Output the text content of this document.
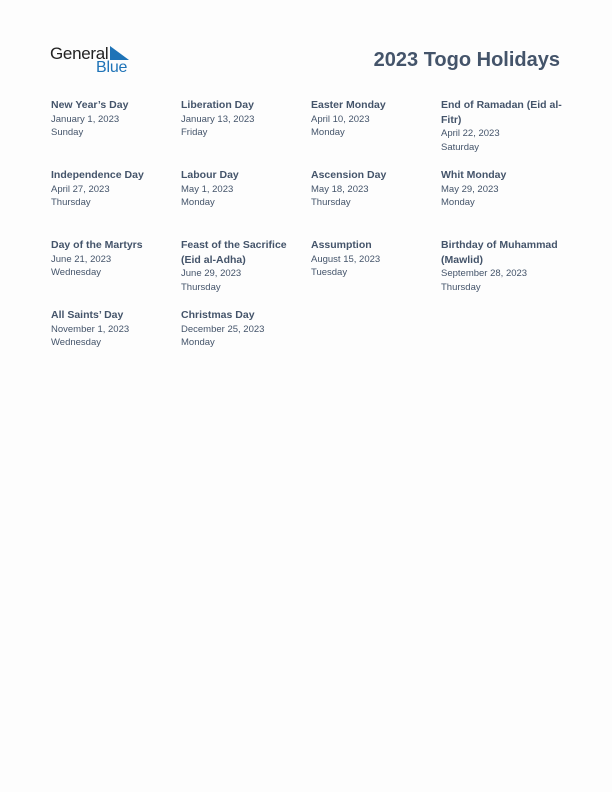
General
Blue	2023 Togo Holidays
New Year’s Day
January 1, 2023
Sunday
Liberation Day
January 13, 2023
Friday
Easter Monday
April 10, 2023
Monday
End of Ramadan (Eid al-Fitr)
April 22, 2023
Saturday
Independence Day
April 27, 2023
Thursday
Labour Day
May 1, 2023
Monday
Ascension Day
May 18, 2023
Thursday
Whit Monday
May 29, 2023
Monday
Day of the Martyrs
June 21, 2023
Wednesday
Feast of the Sacrifice (Eid al-Adha)
June 29, 2023
Thursday
Assumption
August 15, 2023
Tuesday
Birthday of Muhammad (Mawlid)
September 28, 2023
Thursday
All Saints’ Day
November 1, 2023
Wednesday
Christmas Day
December 25, 2023
Monday
